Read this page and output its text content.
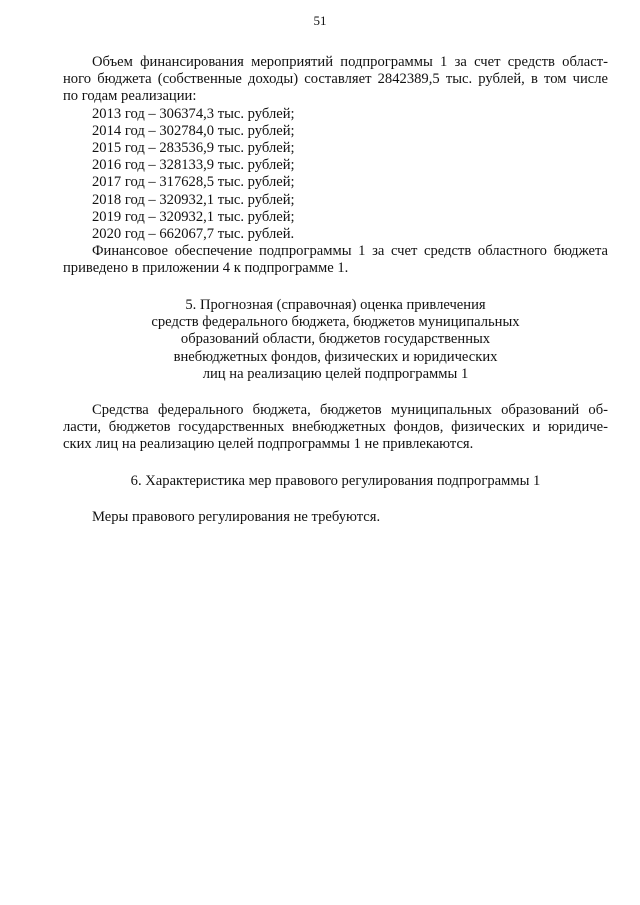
51
Объем финансирования мероприятий подпрограммы 1 за счет средств област-
ного бюджета (собственные доходы) составляет 2842389,5 тыс. рублей, в том числе
по годам реализации:
2013 год – 306374,3 тыс. рублей;
2014 год – 302784,0 тыс. рублей;
2015 год – 283536,9 тыс. рублей;
2016 год – 328133,9 тыс. рублей;
2017 год – 317628,5 тыс. рублей;
2018 год – 320932,1 тыс. рублей;
2019 год – 320932,1 тыс. рублей;
2020 год – 662067,7 тыс. рублей.
Финансовое обеспечение подпрограммы 1 за счет средств областного бюджета
приведено в приложении 4 к подпрограмме 1.
5. Прогнозная (справочная) оценка привлечения
средств федерального бюджета, бюджетов муниципальных
образований области, бюджетов государственных
внебюджетных фондов, физических и юридических
лиц на реализацию целей подпрограммы 1
Средства федерального бюджета, бюджетов муниципальных образований об-
ласти, бюджетов государственных внебюджетных фондов, физических и юридиче-
ских лиц на реализацию целей подпрограммы 1 не привлекаются.
6. Характеристика мер правового регулирования подпрограммы 1
Меры правового регулирования не требуются.
